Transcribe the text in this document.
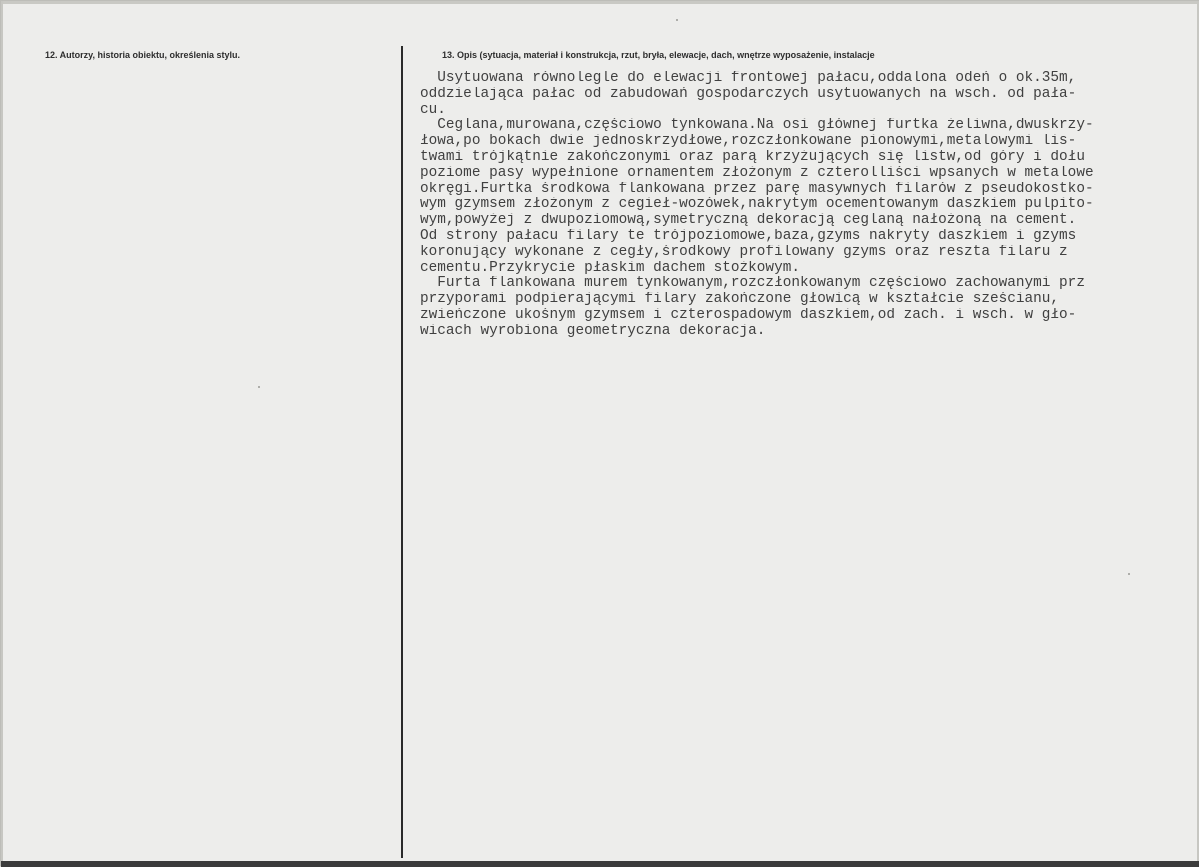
12. Autorzy, historia obiektu, określenia stylu.	13. Opis (sytuacja, materiał i konstrukcja, rzut, bryła, elewacje, dach, wnętrze wyposażenie, instalacje
Usytuowana równolegle do elewacji frontowej pałacu,oddalona odeń o ok.35m,
oddzielająca pałac od zabudowań gospodarczych usytuowanych na wsch. od pała-
cu.
Ceglana,murowana,częściowo tynkowana.Na osi głównej furtka żeliwna,dwuskrzy-
łowa,po bokach dwie jednoskrzydłowe,rozczłonkowane pionowymi,metalowymi lis-
twami trójkątnie zakończonymi oraz parą krzyżujących się listw,od góry i dołu
poziome pasy wypełnione ornamentem złożonym z czterolliści wpsanych w metalowe
okręgi.Furtka środkowa flankowana przez parę masywnych filarów z pseudokostko-
wym gzymsem złożonym z cegieł-wozówek,nakrytym ocementowanym daszkiem pulpito-
wym,powyżej z dwupoziomową,symetryczną dekoracją ceglaną nałożoną na cement.
Od strony pałacu filary te trójpoziomowe,baza,gzyms nakryty daszkiem i gzyms
koronujący wykonane z cegły,środkowy profilowany gzyms oraz reszta filaru z
cementu.Przykrycie płaskim dachem stożkowym.
Furta flankowana murem tynkowanym,rozczłonkowanym częściowo zachowanymi prz
przyporami podpierającymi filary zakończone głowicą w kształcie sześcianu,
zwieńczone ukośnym gzymsem i czterospadowym daszkiem,od zach. i wsch. w gło-
wicach wyrobiona geometryczna dekoracja.
